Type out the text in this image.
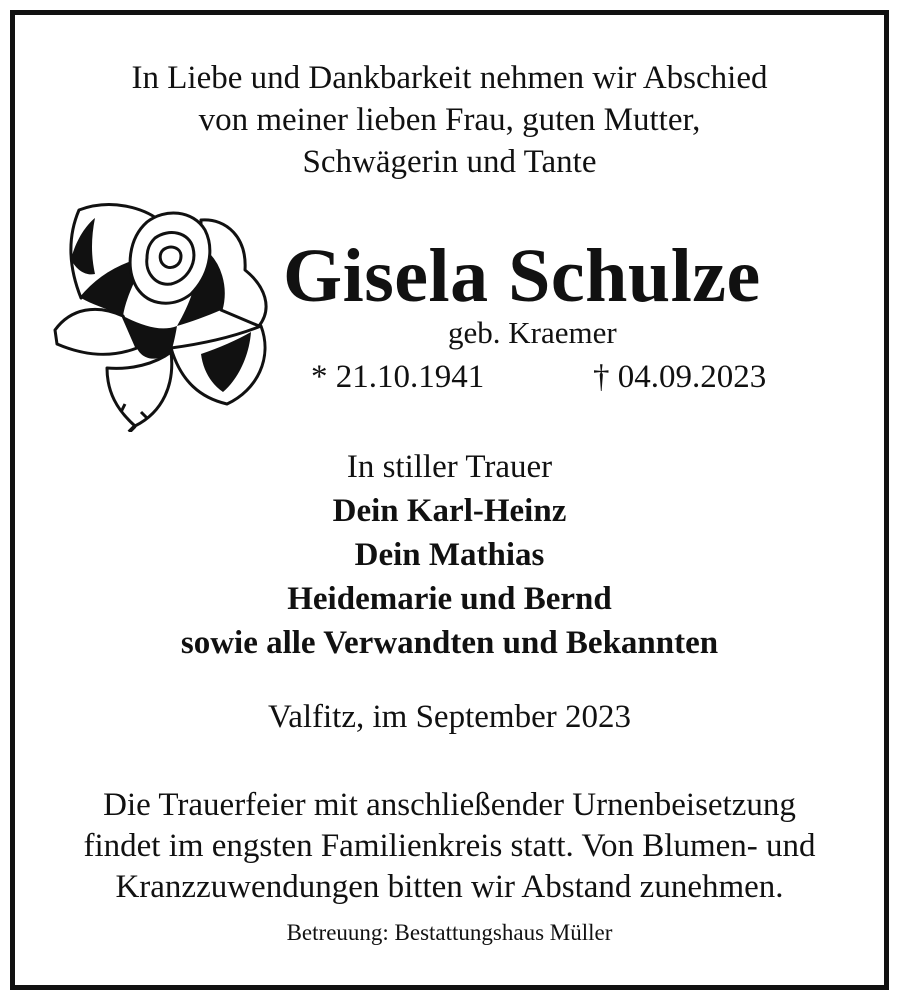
In Liebe und Dankbarkeit nehmen wir Abschied
von meiner lieben Frau, guten Mutter,
Schwägerin und Tante
Gisela Schulze
geb. Kraemer
* 21.10.1941	† 04.09.2023
In stiller Trauer
Dein Karl-Heinz
Dein Mathias
Heidemarie und Bernd
sowie alle Verwandten und Bekannten
Valfitz, im September 2023
Die Trauerfeier mit anschließender Urnenbeisetzung
findet im engsten Familienkreis statt. Von Blumen- und
Kranzzuwendungen bitten wir Abstand zunehmen.
Betreuung: Bestattungshaus Müller
